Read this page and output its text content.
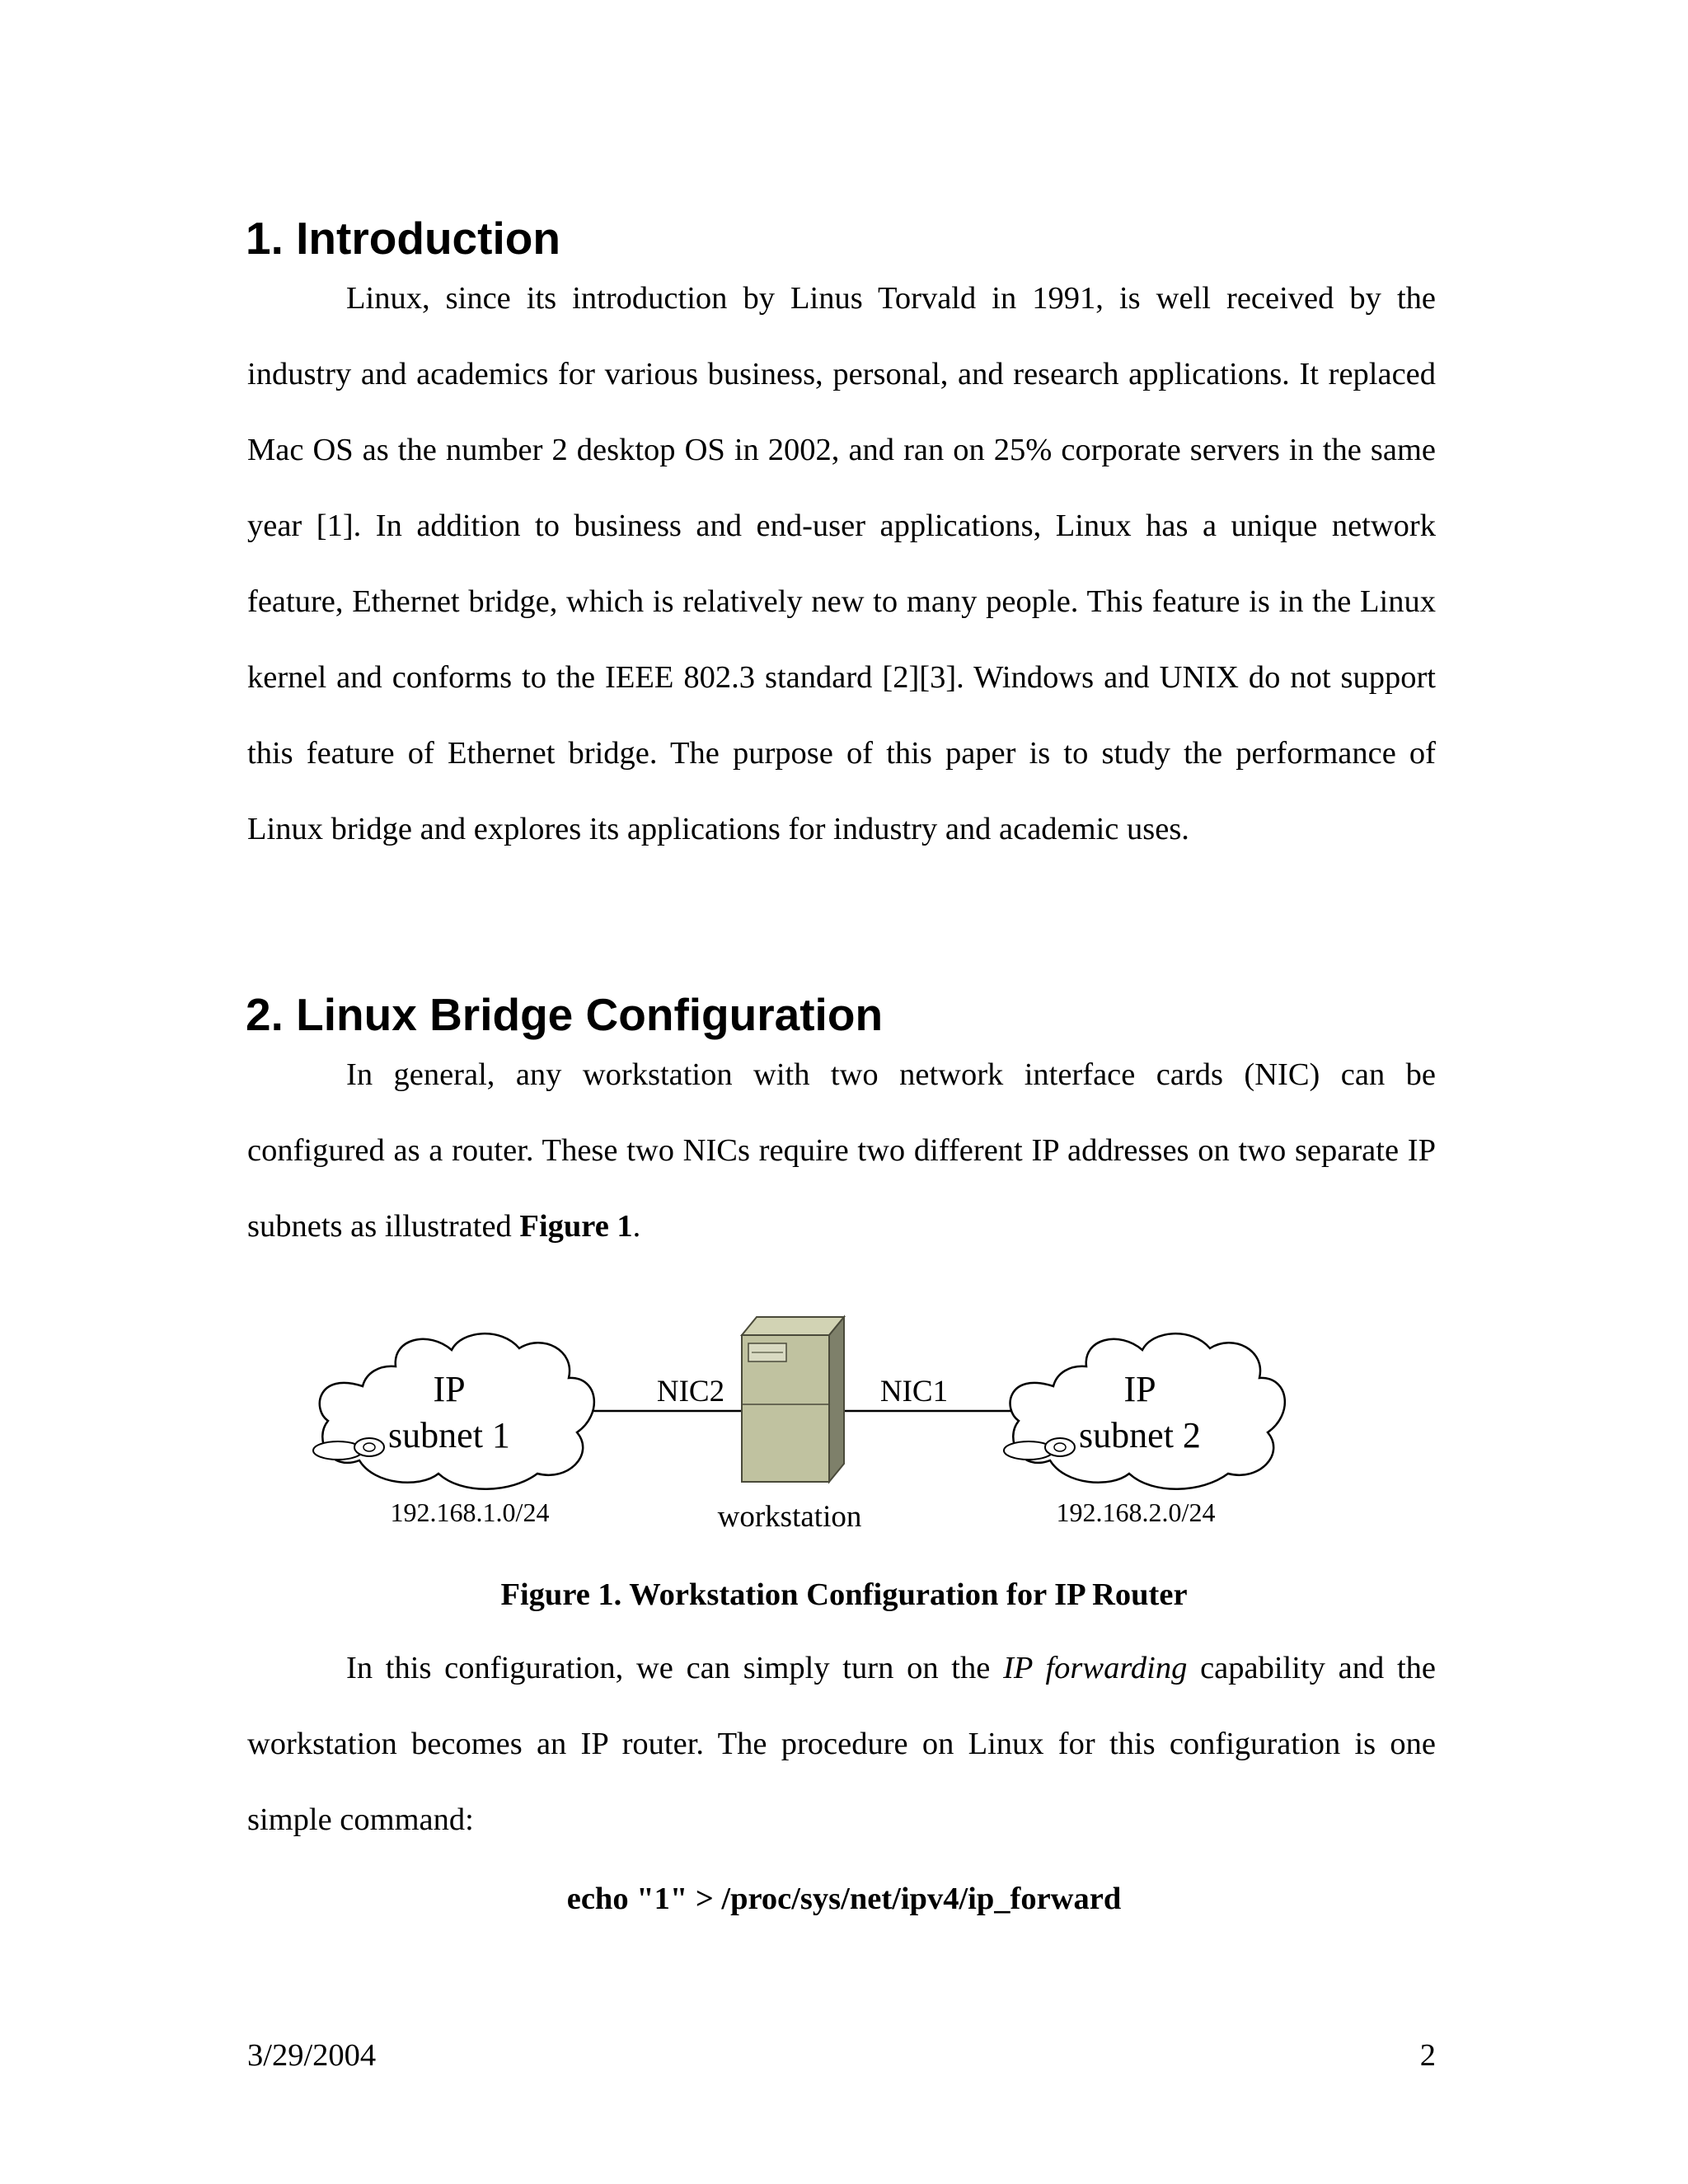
1. Introduction

Linux, since its introduction by Linus Torvald in 1991, is well received by the industry and academics for various business, personal, and research applications. It replaced Mac OS as the number 2 desktop OS in 2002, and ran on 25% corporate servers in the same year [1]. In addition to business and end-user applications, Linux has a unique network feature, Ethernet bridge, which is relatively new to many people. This feature is in the Linux kernel and conforms to the IEEE 802.3 standard [2][3]. Windows and UNIX do not support this feature of Ethernet bridge. The purpose of this paper is to study the performance of Linux bridge and explores its applications for industry and academic uses.

2. Linux Bridge Configuration

In general, any workstation with two network interface cards (NIC) can be configured as a router. These two NICs require two different IP addresses on two separate IP subnets as illustrated Figure 1.

IP
subnet 1
IP
subnet 2
NIC2	NIC1
192.168.1.0/24	workstation	192.168.2.0/24

Figure 1. Workstation Configuration for IP Router

In this configuration, we can simply turn on the IP forwarding capability and the workstation becomes an IP router. The procedure on Linux for this configuration is one simple command:

echo "1" > /proc/sys/net/ipv4/ip_forward

3/29/2004	2
